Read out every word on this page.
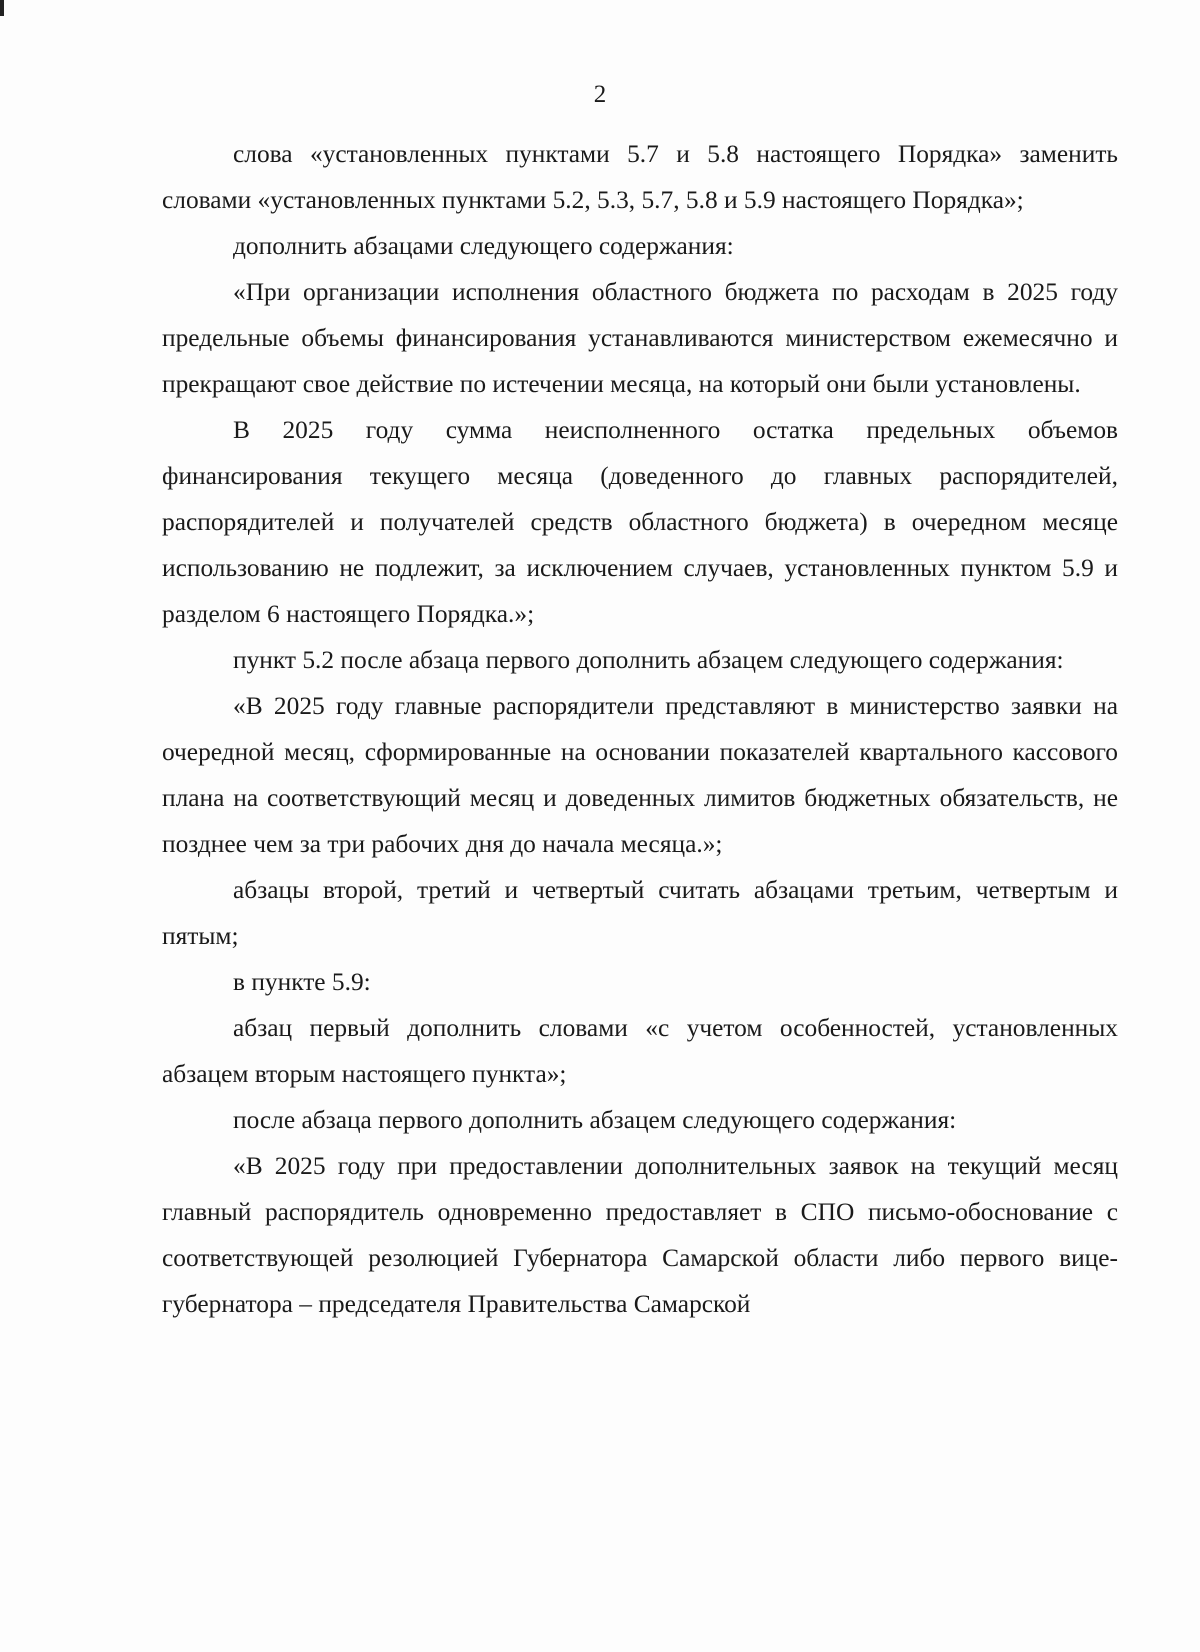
2

слова «установленных пунктами 5.7 и 5.8 настоящего Порядка» заменить словами «установленных пунктами 5.2, 5.3, 5.7, 5.8 и 5.9 настоящего Порядка»;

дополнить абзацами следующего содержания:

«При организации исполнения областного бюджета по расходам в 2025 году предельные объемы финансирования устанавливаются министерством ежемесячно и прекращают свое действие по истечении месяца, на который они были установлены.

В 2025 году сумма неисполненного остатка предельных объемов финансирования текущего месяца (доведенного до главных распорядителей, распорядителей и получателей средств областного бюджета) в очередном месяце использованию не подлежит, за исключением случаев, установленных пунктом 5.9 и разделом 6 настоящего Порядка.»;

пункт 5.2 после абзаца первого дополнить абзацем следующего содержания:

«В 2025 году главные распорядители представляют в министерство заявки на очередной месяц, сформированные на основании показателей квартального кассового плана на соответствующий месяц и доведенных лимитов бюджетных обязательств, не позднее чем за три рабочих дня до начала месяца.»;

абзацы второй, третий и четвертый считать абзацами третьим, четвертым и пятым;

в пункте 5.9:

абзац первый дополнить словами «с учетом особенностей, установленных абзацем вторым настоящего пункта»;

после абзаца первого дополнить абзацем следующего содержания:

«В 2025 году при предоставлении дополнительных заявок на текущий месяц главный распорядитель одновременно предоставляет в СПО письмо-обоснование с соответствующей резолюцией Губернатора Самарской области либо первого вице-губернатора – председателя Правительства Самарской
